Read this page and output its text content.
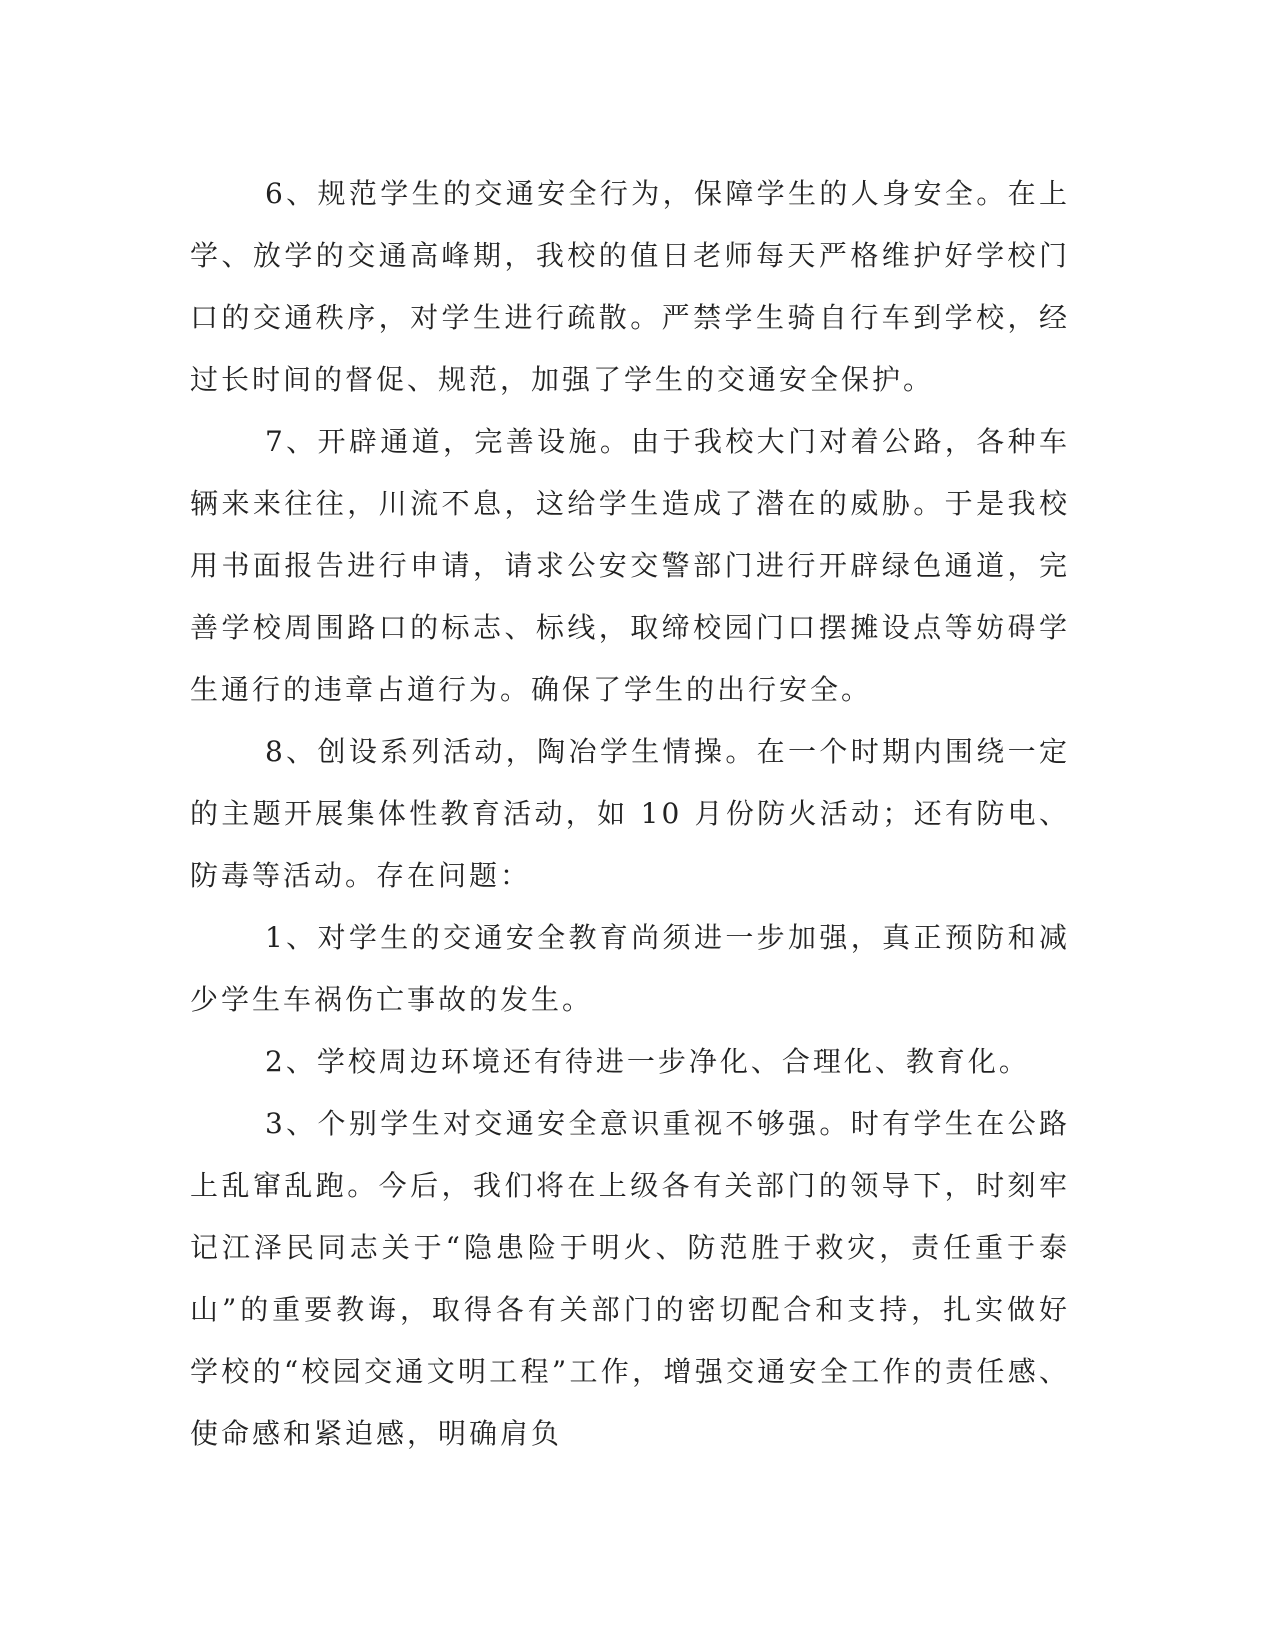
6、规范学生的交通安全行为，保障学生的人身安全。在上学、放学的交通高峰期，我校的值日老师每天严格维护好学校门口的交通秩序，对学生进行疏散。严禁学生骑自行车到学校，经过长时间的督促、规范，加强了学生的交通安全保护。

7、开辟通道，完善设施。由于我校大门对着公路，各种车辆来来往往，川流不息，这给学生造成了潜在的威胁。于是我校用书面报告进行申请，请求公安交警部门进行开辟绿色通道，完善学校周围路口的标志、标线，取缔校园门口摆摊设点等妨碍学生通行的违章占道行为。确保了学生的出行安全。

8、创设系列活动，陶冶学生情操。在一个时期内围绕一定的主题开展集体性教育活动，如 10 月份防火活动；还有防电、防毒等活动。存在问题：

1、对学生的交通安全教育尚须进一步加强，真正预防和减少学生车祸伤亡事故的发生。

2、学校周边环境还有待进一步净化、合理化、教育化。

3、个别学生对交通安全意识重视不够强。时有学生在公路上乱窜乱跑。今后，我们将在上级各有关部门的领导下，时刻牢记江泽民同志关于“隐患险于明火、防范胜于救灾，责任重于泰山”的重要教诲，取得各有关部门的密切配合和支持，扎实做好学校的“校园交通文明工程”工作，增强交通安全工作的责任感、使命感和紧迫感，明确肩负
